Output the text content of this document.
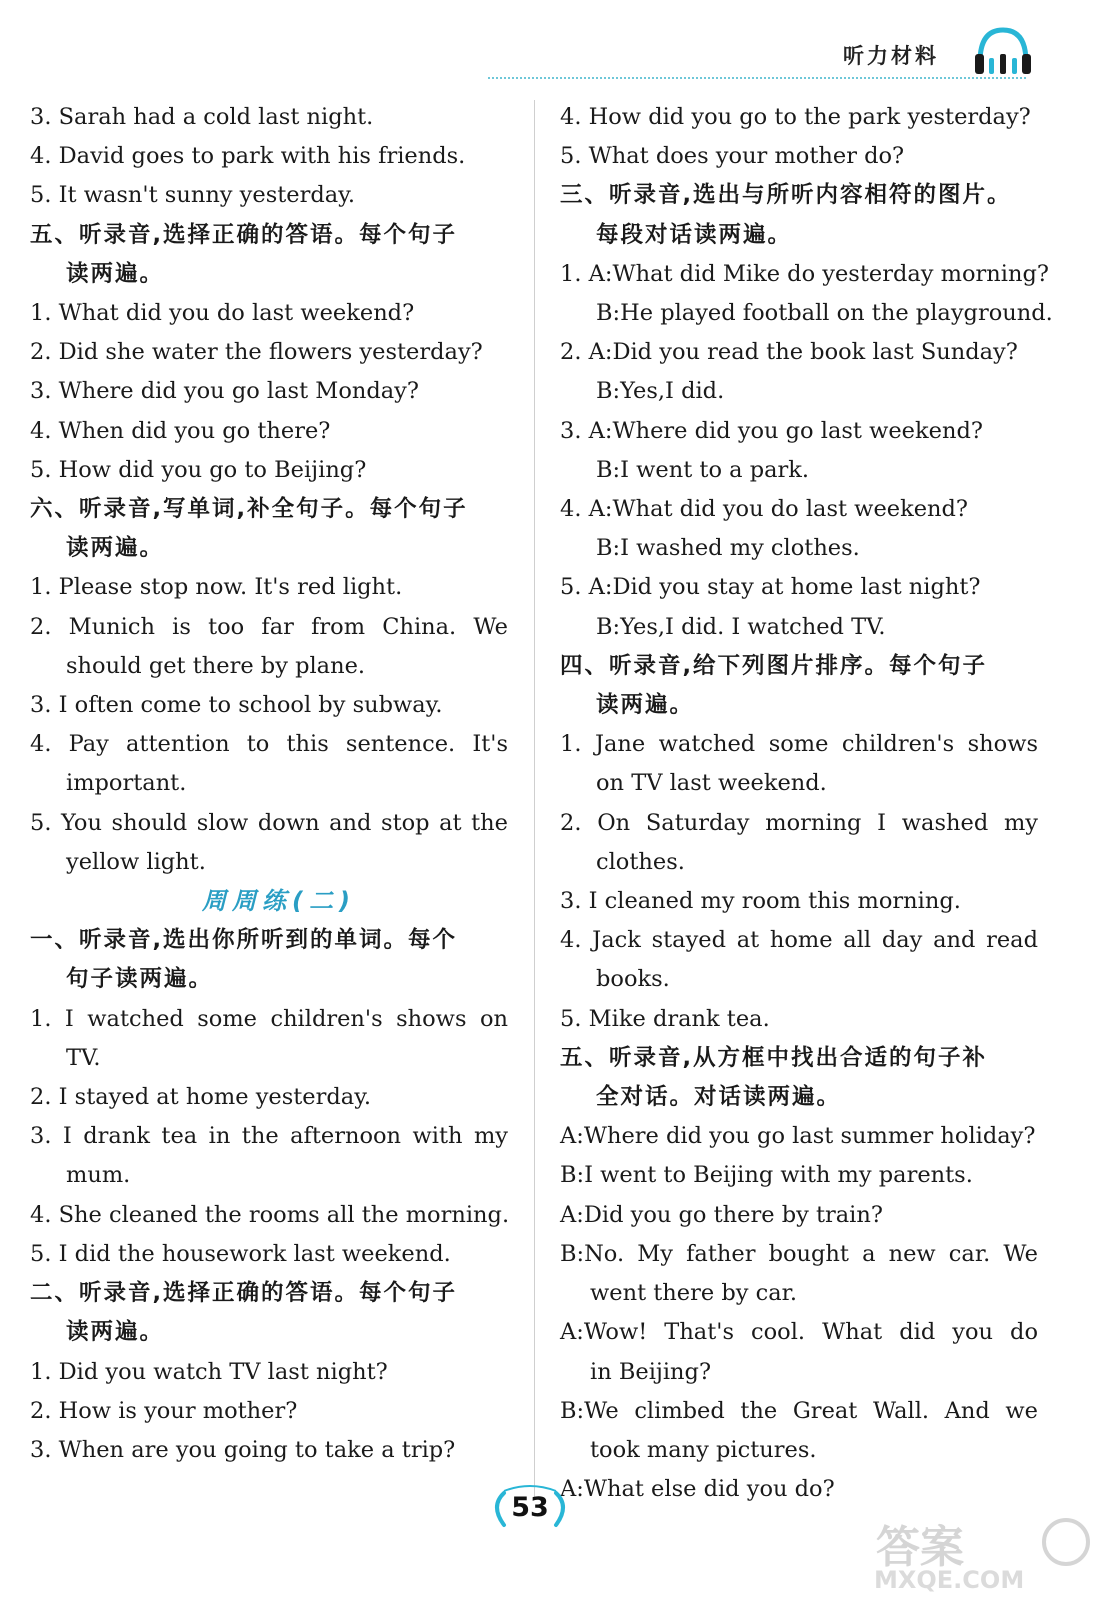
听力材料
3. Sarah had a cold last night.
4. David goes to park with his friends.
5. It wasn't sunny yesterday.
五、听录音,选择正确的答语。每个句子
读两遍。
1. What did you do last weekend?
2. Did she water the flowers yesterday?
3. Where did you go last Monday?
4. When did you go there?
5. How did you go to Beijing?
六、听录音,写单词,补全句子。每个句子
读两遍。
1. Please stop now. It's red light.
2. Munich is too far from China. We
should get there by plane.
3. I often come to school by subway.
4. Pay attention to this sentence. It's
important.
5. You should slow down and stop at the
yellow light.
周周练(二)
一、听录音,选出你所听到的单词。每个
句子读两遍。
1. I watched some children's shows on
TV.
2. I stayed at home yesterday.
3. I drank tea in the afternoon with my
mum.
4. She cleaned the rooms all the morning.
5. I did the housework last weekend.
二、听录音,选择正确的答语。每个句子
读两遍。
1. Did you watch TV last night?
2. How is your mother?
3. When are you going to take a trip?
4. How did you go to the park yesterday?
5. What does your mother do?
三、听录音,选出与所听内容相符的图片。
每段对话读两遍。
1. A:What did Mike do yesterday morning?
B:He played football on the playground.
2. A:Did you read the book last Sunday?
B:Yes,I did.
3. A:Where did you go last weekend?
B:I went to a park.
4. A:What did you do last weekend?
B:I washed my clothes.
5. A:Did you stay at home last night?
B:Yes,I did. I watched TV.
四、听录音,给下列图片排序。每个句子
读两遍。
1. Jane watched some children's shows
on TV last weekend.
2. On Saturday morning I washed my
clothes.
3. I cleaned my room this morning.
4. Jack stayed at home all day and read
books.
5. Mike drank tea.
五、听录音,从方框中找出合适的句子补
全对话。对话读两遍。
A:Where did you go last summer holiday?
B:I went to Beijing with my parents.
A:Did you go there by train?
B:No. My father bought a new car. We
went there by car.
A:Wow! That's cool. What did you do
in Beijing?
B:We climbed the Great Wall. And we
took many pictures.
A:What else did you do?
53
答案
MXQE.COM
